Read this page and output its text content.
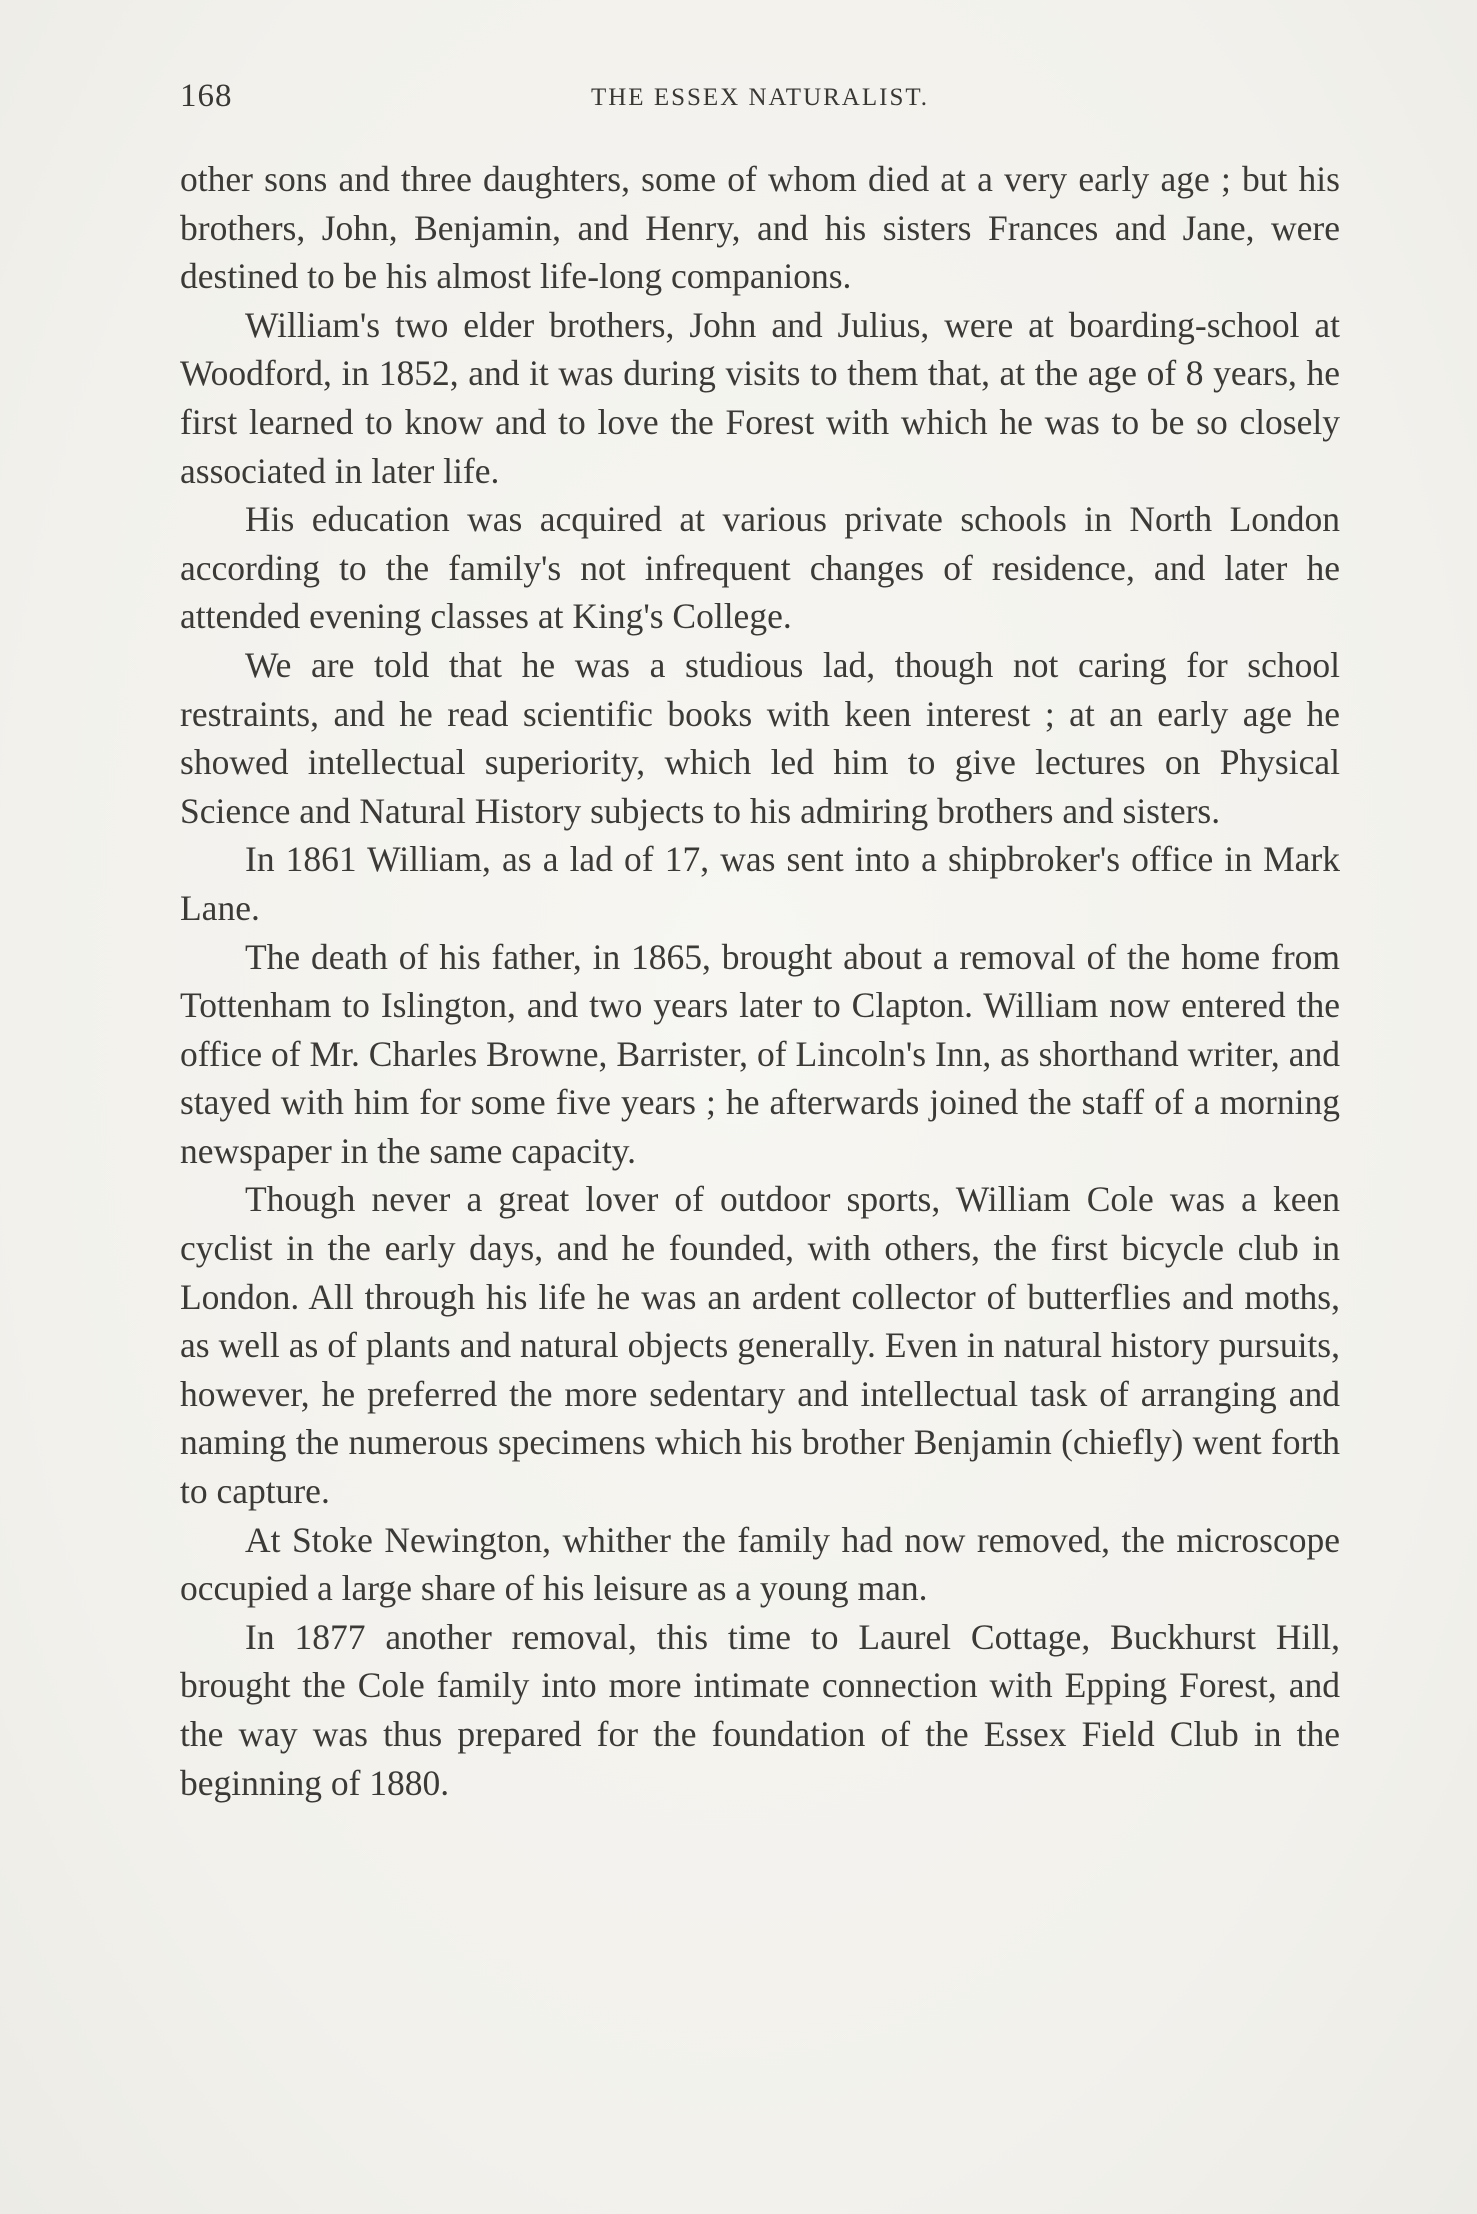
168	THE ESSEX NATURALIST.

other sons and three daughters, some of whom died at a very early age ; but his brothers, John, Benjamin, and Henry, and his sisters Frances and Jane, were destined to be his almost life-long companions.

William's two elder brothers, John and Julius, were at boarding-school at Woodford, in 1852, and it was during visits to them that, at the age of 8 years, he first learned to know and to love the Forest with which he was to be so closely associated in later life.

His education was acquired at various private schools in North London according to the family's not infrequent changes of residence, and later he attended evening classes at King's College.

We are told that he was a studious lad, though not caring for school restraints, and he read scientific books with keen interest ; at an early age he showed intellectual superiority, which led him to give lectures on Physical Science and Natural History subjects to his admiring brothers and sisters.

In 1861 William, as a lad of 17, was sent into a shipbroker's office in Mark Lane.

The death of his father, in 1865, brought about a removal of the home from Tottenham to Islington, and two years later to Clapton. William now entered the office of Mr. Charles Browne, Barrister, of Lincoln's Inn, as shorthand writer, and stayed with him for some five years ; he afterwards joined the staff of a morning newspaper in the same capacity.

Though never a great lover of outdoor sports, William Cole was a keen cyclist in the early days, and he founded, with others, the first bicycle club in London. All through his life he was an ardent collector of butterflies and moths, as well as of plants and natural objects generally. Even in natural history pursuits, however, he preferred the more sedentary and intellectual task of arranging and naming the numerous specimens which his brother Benjamin (chiefly) went forth to capture.

At Stoke Newington, whither the family had now removed, the microscope occupied a large share of his leisure as a young man.

In 1877 another removal, this time to Laurel Cottage, Buckhurst Hill, brought the Cole family into more intimate connection with Epping Forest, and the way was thus prepared for the foundation of the Essex Field Club in the beginning of 1880.
